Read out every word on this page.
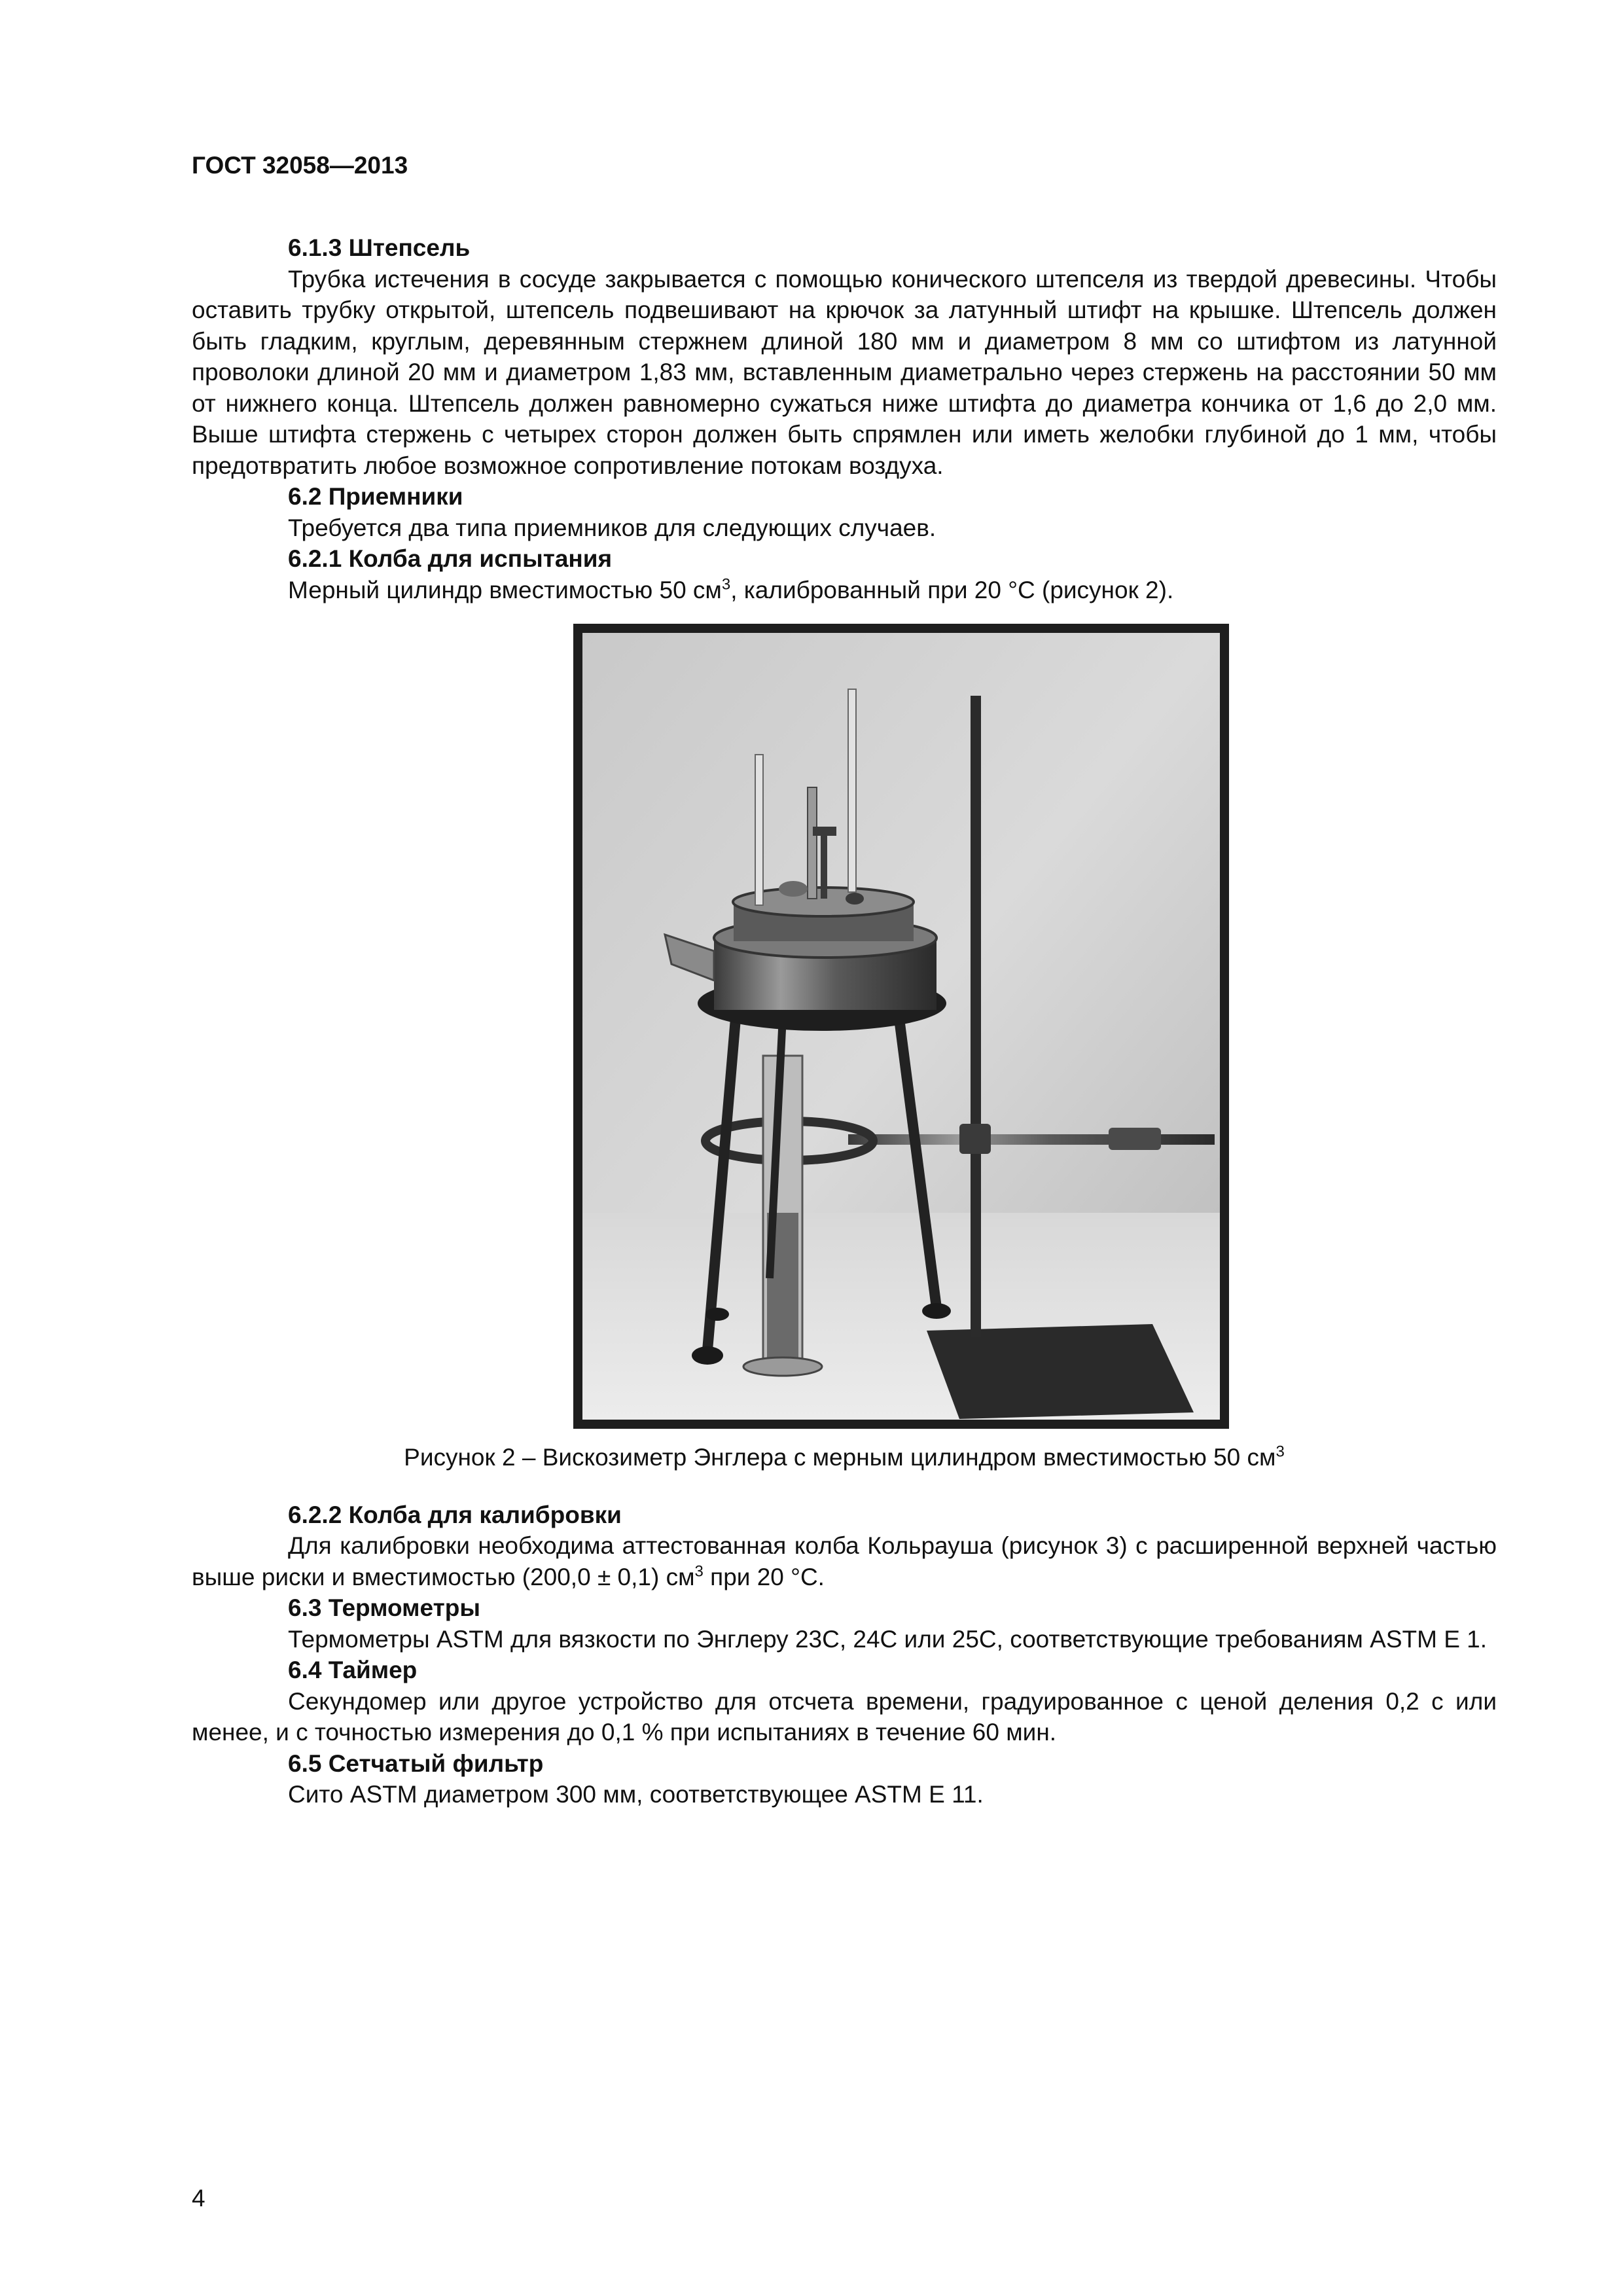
ГОСТ 32058—2013
6.1.3 Штепсель
Трубка истечения в сосуде закрывается с помощью конического штепселя из твердой древесины. Чтобы оставить трубку открытой, штепсель подвешивают на крючок за латунный штифт на крышке. Штепсель должен быть гладким, круглым, деревянным стержнем длиной 180 мм и диаметром 8 мм со штифтом из латунной проволоки длиной 20 мм и диаметром 1,83 мм, вставленным диаметрально через стержень на расстоянии 50 мм от нижнего конца. Штепсель должен равномерно сужаться ниже штифта до диаметра кончика от 1,6 до 2,0 мм. Выше штифта стержень с четырех сторон должен быть спрямлен или иметь желобки глубиной до 1 мм, чтобы предотвратить любое возможное сопротивление потокам воздуха.
6.2 Приемники
Требуется два типа приемников для следующих случаев.
6.2.1 Колба для испытания
Мерный цилиндр вместимостью 50 $см^3$, калиброванный при 20 °С (рисунок 2).
Рисунок 2 – Вискозиметр Энглера с мерным цилиндром вместимостью 50 $см^3$
6.2.2 Колба для калибровки
Для калибровки необходима аттестованная колба Кольрауша (рисунок 3) с расширенной верхней частью выше риски и вместимостью (200,0 ± 0,1) $см^3$ при 20 °С.
6.3 Термометры
Термометры ASTM для вязкости по Энглеру 23С, 24С или 25С, соответствующие требованиям ASTM E 1.
6.4 Таймер
Секундомер или другое устройство для отсчета времени, градуированное с ценой деления 0,2 с или менее, и с точностью измерения до 0,1 % при испытаниях в течение 60 мин.
6.5 Сетчатый фильтр
Сито ASTM диаметром 300 мм, соответствующее ASTM E 11.
4
